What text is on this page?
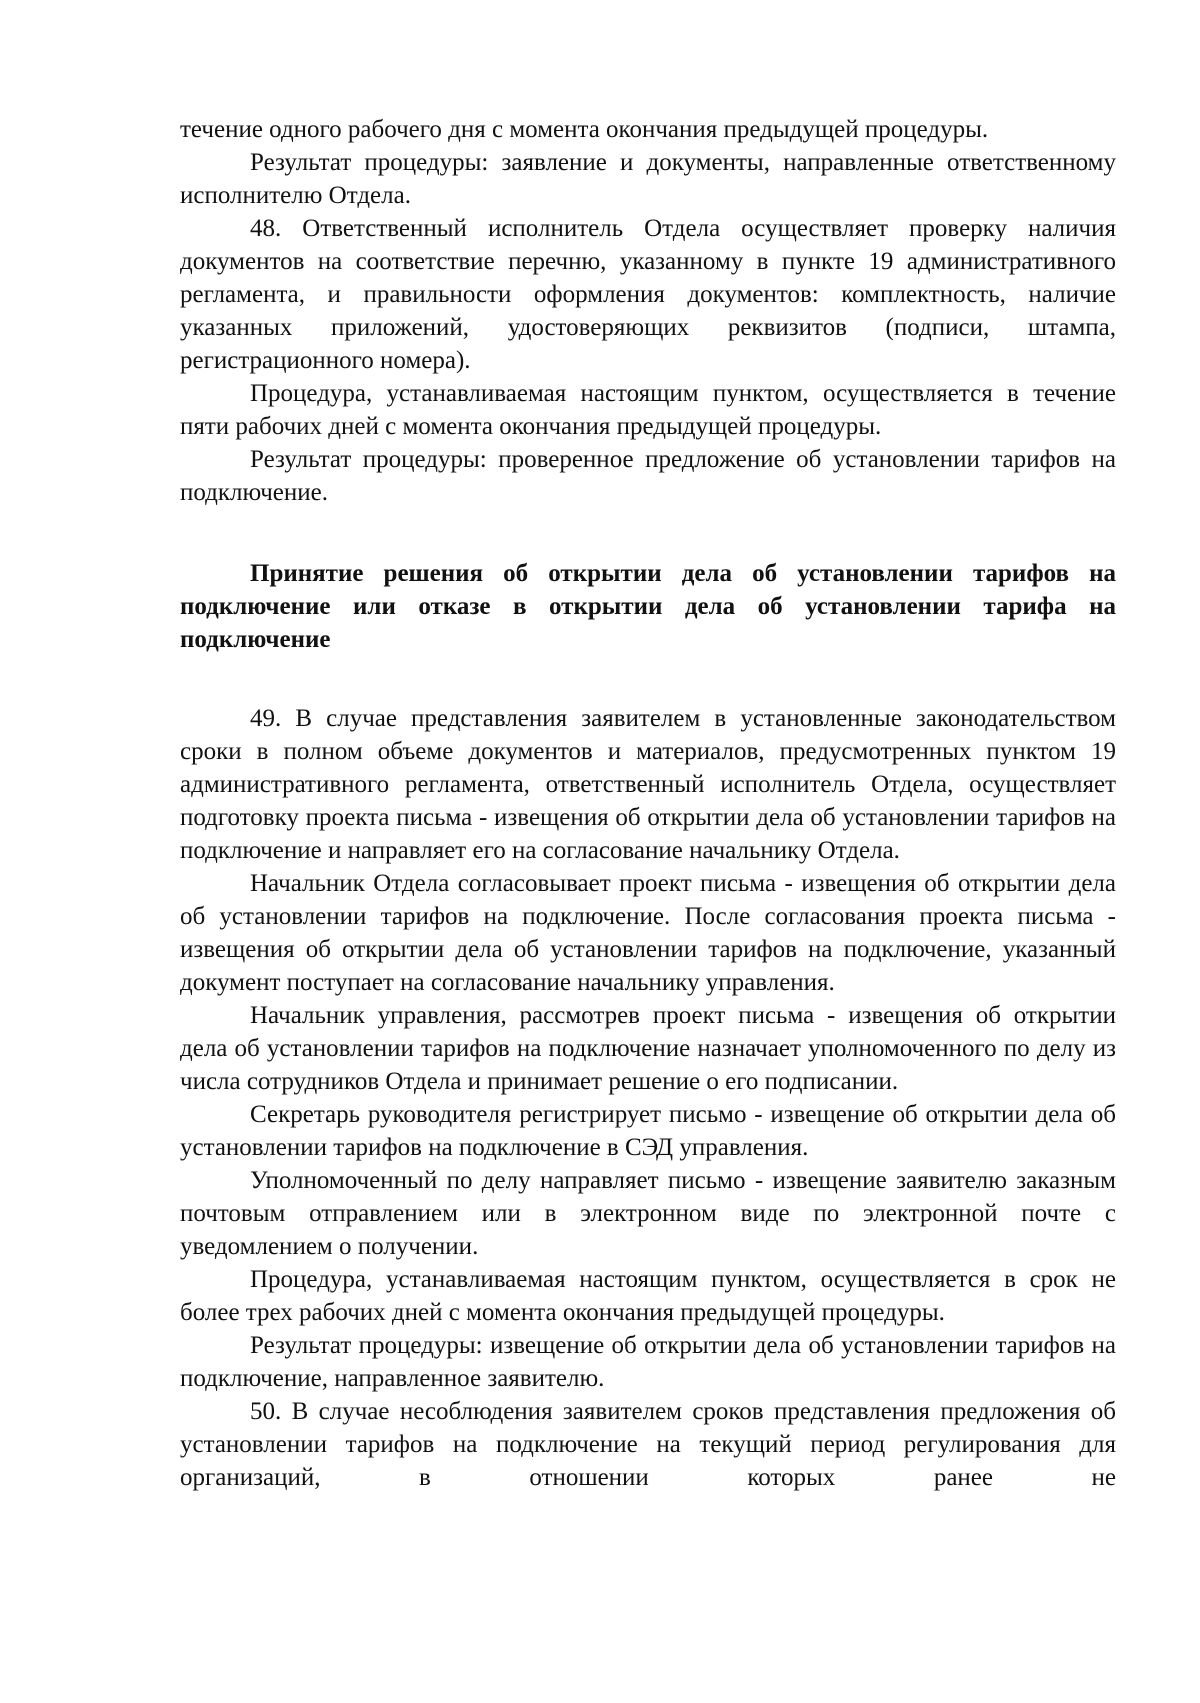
течение одного рабочего дня с момента окончания предыдущей процедуры.

Результат процедуры: заявление и документы, направленные ответственному исполнителю Отдела.

48. Ответственный исполнитель Отдела осуществляет проверку наличия документов на соответствие перечню, указанному в пункте 19 административного регламента, и правильности оформления документов: комплектность, наличие указанных приложений, удостоверяющих реквизитов (подписи, штампа, регистрационного номера).

Процедура, устанавливаемая настоящим пунктом, осуществляется в течение пяти рабочих дней с момента окончания предыдущей процедуры.

Результат процедуры: проверенное предложение об установлении тарифов на подключение.

Принятие решения об открытии дела об установлении тарифов на подключение или отказе в открытии дела об установлении тарифа на подключение

49. В случае представления заявителем в установленные законодательством сроки в полном объеме документов и материалов, предусмотренных пунктом 19 административного регламента, ответственный исполнитель Отдела, осуществляет подготовку проекта письма - извещения об открытии дела об установлении тарифов на подключение и направляет его на согласование начальнику Отдела.

Начальник Отдела согласовывает проект письма - извещения об открытии дела об установлении тарифов на подключение. После согласования проекта письма - извещения об открытии дела об установлении тарифов на подключение, указанный документ поступает на согласование начальнику управления.

Начальник управления, рассмотрев проект письма - извещения об открытии дела об установлении тарифов на подключение назначает уполномоченного по делу из числа сотрудников Отдела и принимает решение о его подписании.

Секретарь руководителя регистрирует письмо - извещение об открытии дела об установлении тарифов на подключение в СЭД управления.

Уполномоченный по делу направляет письмо - извещение заявителю заказным почтовым отправлением или в электронном виде по электронной почте с уведомлением о получении.

Процедура, устанавливаемая настоящим пунктом, осуществляется в срок не более трех рабочих дней с момента окончания предыдущей процедуры.

Результат процедуры: извещение об открытии дела об установлении тарифов на подключение, направленное заявителю.

50. В случае несоблюдения заявителем сроков представления предложения об установлении тарифов на подключение на текущий период регулирования для организаций, в отношении которых ранее не
